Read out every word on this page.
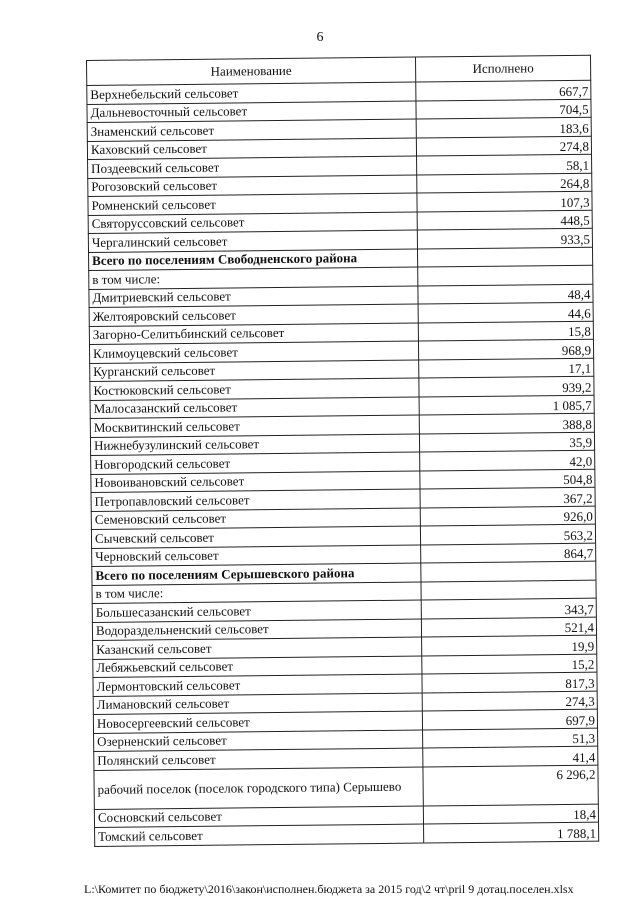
6
Наименование	Исполнено
Верхнебельский сельсовет	667,7
Дальневосточный сельсовет	704,5
Знаменский сельсовет	183,6
Каховский сельсовет	274,8
Поздеевский сельсовет	58,1
Рогозовский сельсовет	264,8
Ромненский сельсовет	107,3
Святоруссовский сельсовет	448,5
Чергалинский сельсовет	933,5
Всего по поселениям Свободненского района	
в том числе:	
Дмитриевский сельсовет	48,4
Желтоярoвский сельсовет	44,6
Загорно-Селитьбинский сельсовет	15,8
Климоуцевский сельсовет	968,9
Курганский сельсовет	17,1
Костюковский сельсовет	939,2
Малосазанский сельсовет	1 085,7
Москвитинский сельсовет	388,8
Нижнебузулинский сельсовет	35,9
Новгородский сельсовет	42,0
Новоивановский сельсовет	504,8
Петропавловский сельсовет	367,2
Семеновский сельсовет	926,0
Сычевский сельсовет	563,2
Черновский сельсовет	864,7
Всего по поселениям Серышевского района	
в том числе:	
Большесазанский сельсовет	343,7
Водораздельненский сельсовет	521,4
Казанский сельсовет	19,9
Лебяжьевский сельсовет	15,2
Лермонтовский сельсовет	817,3
Лимановский сельсовет	274,3
Новосергеевский сельсовет	697,9
Озерненский сельсовет	51,3
Полянский сельсовет	41,4
рабочий поселок (поселок городского типа) Серышево	6 296,2
Сосновский сельсовет	18,4
Томский сельсовет	1 788,1
L:\Комитет по бюджету\2016\закон\исполнен.бюджета за 2015 год\2 чт\pril 9 дотац.поселен.xlsx
